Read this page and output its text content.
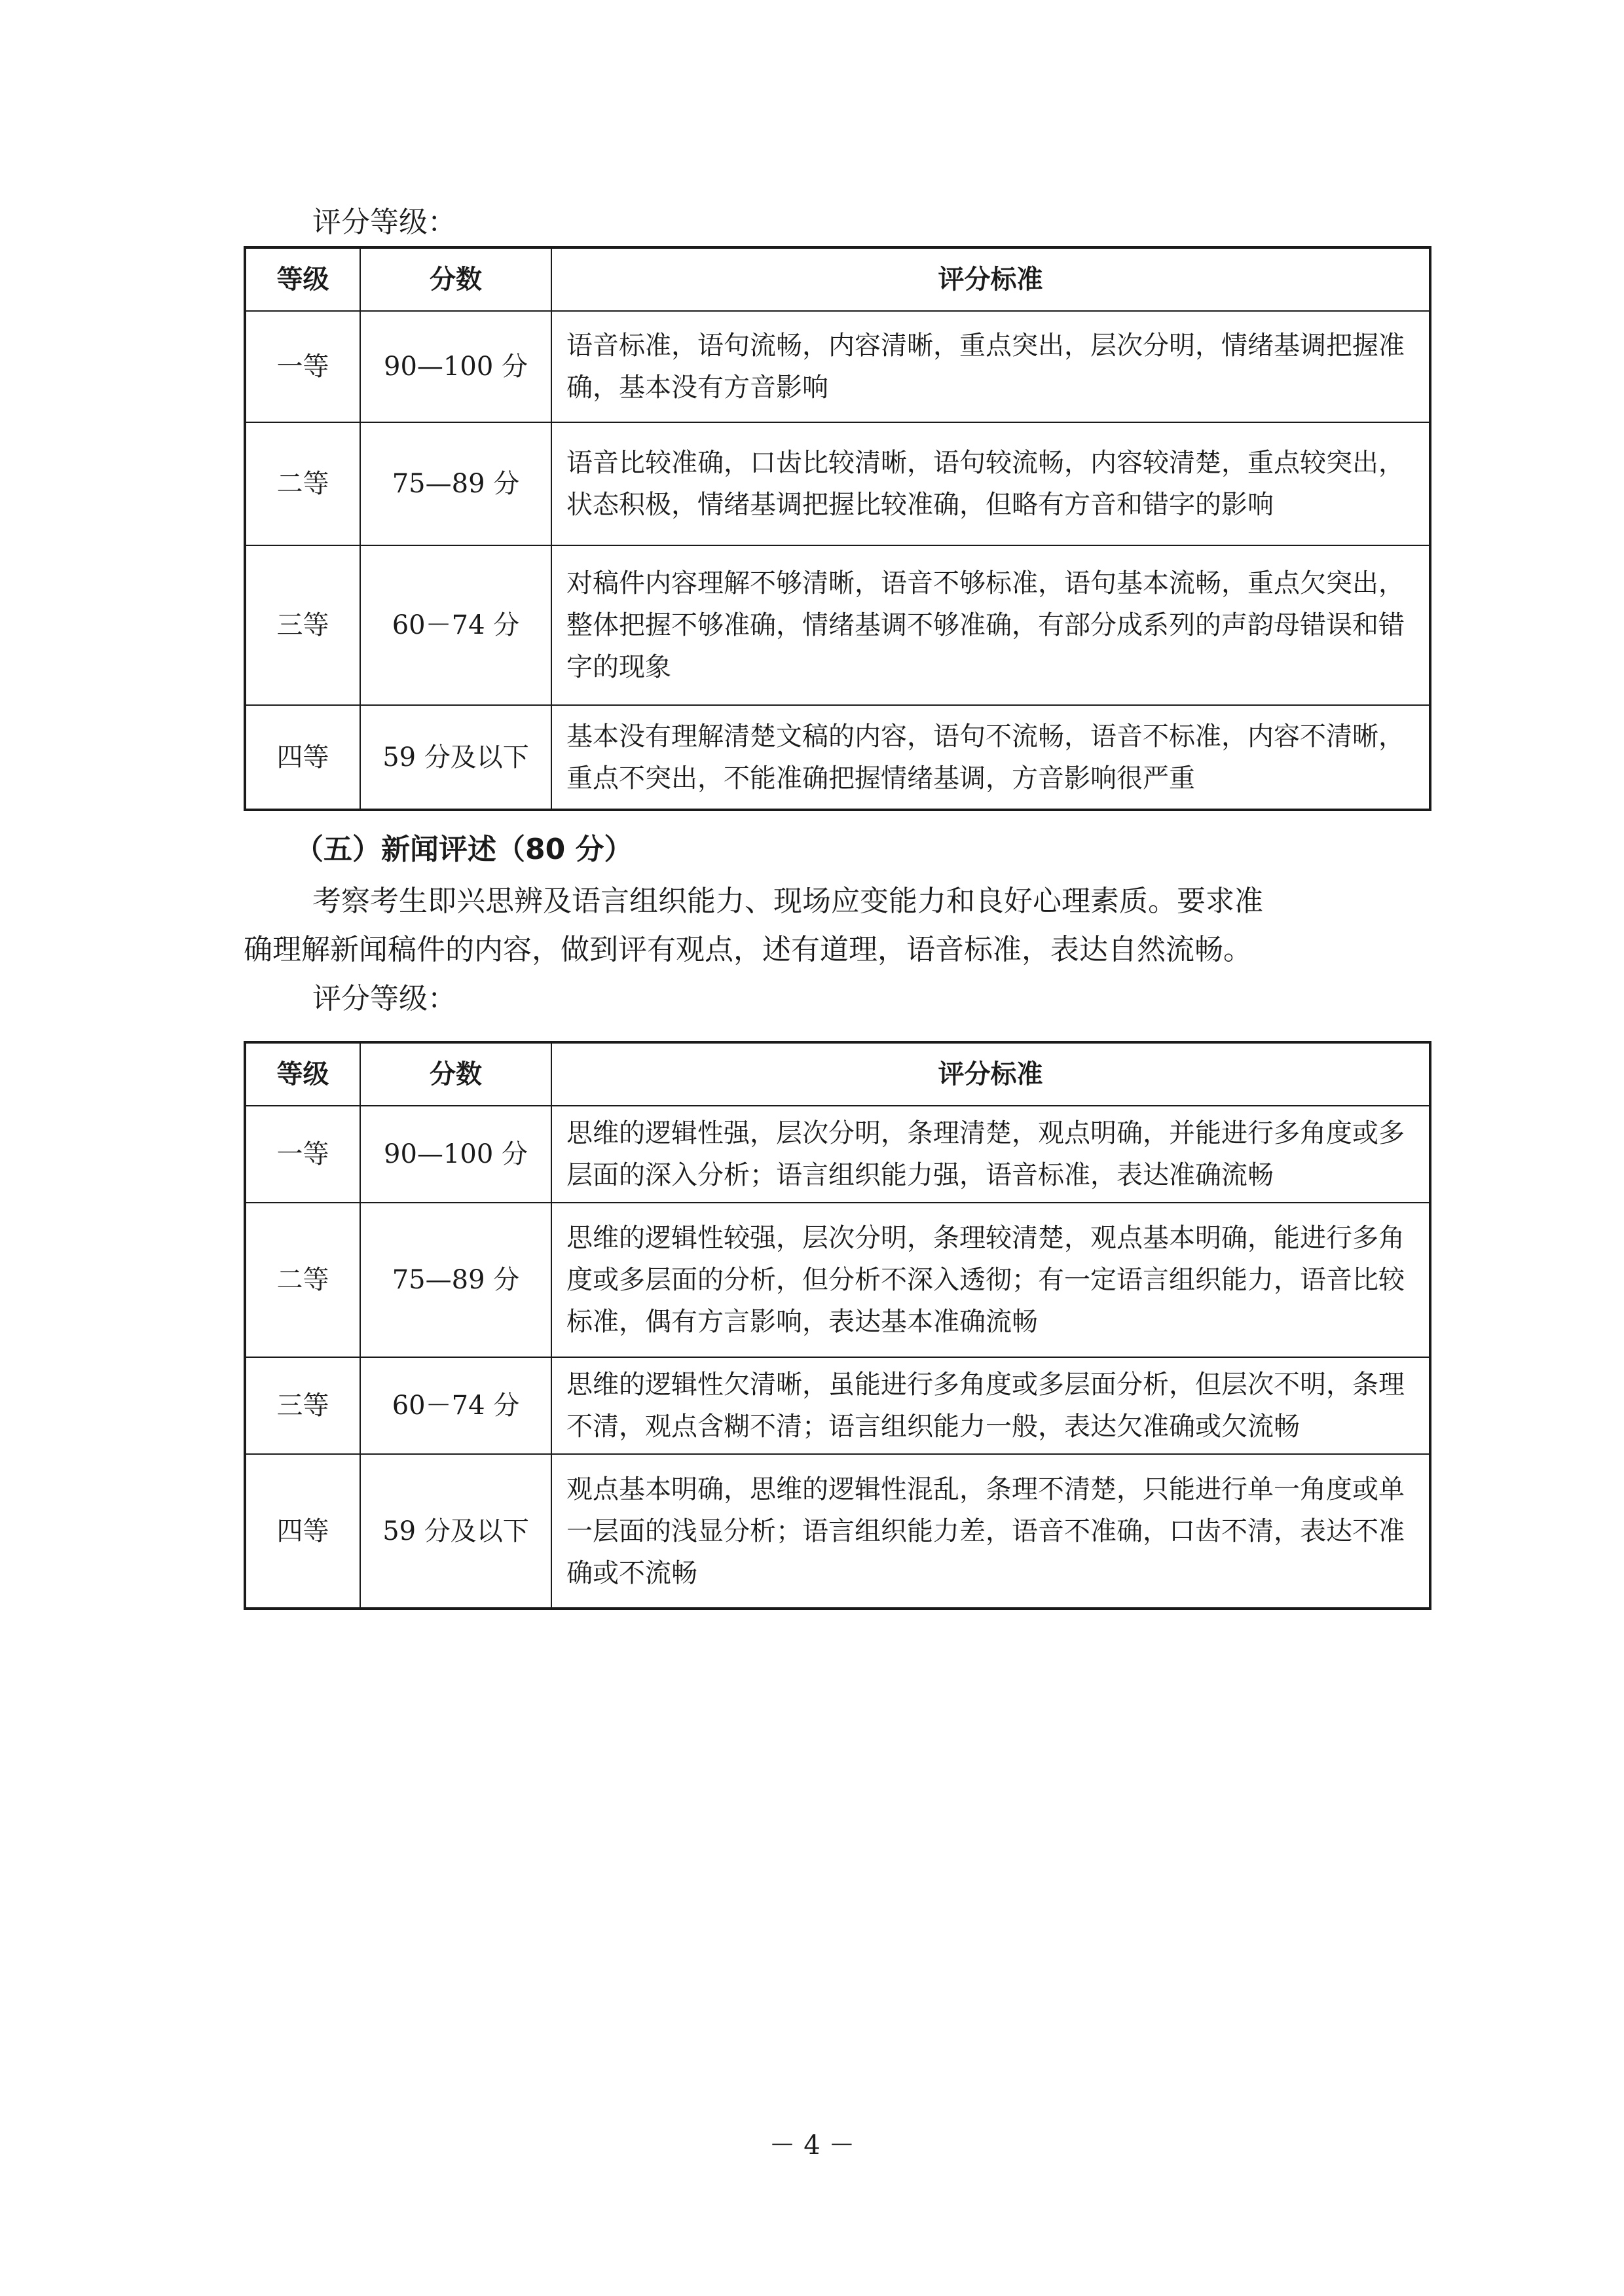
评分等级：
等级	分数	评分标准
一等	90—100 分	语音标准，语句流畅，内容清晰，重点突出，层次分明，情绪基调把握准确，基本没有方音影响
二等	75—89 分	语音比较准确，口齿比较清晰，语句较流畅，内容较清楚，重点较突出，状态积极，情绪基调把握比较准确，但略有方音和错字的影响
三等	60－74 分	对稿件内容理解不够清晰，语音不够标准，语句基本流畅，重点欠突出，整体把握不够准确，情绪基调不够准确，有部分成系列的声韵母错误和错字的现象
四等	59 分及以下	基本没有理解清楚文稿的内容，语句不流畅，语音不标准，内容不清晰，重点不突出，不能准确把握情绪基调，方音影响很严重
（五）新闻评述（80 分）
考察考生即兴思辨及语言组织能力、现场应变能力和良好心理素质。要求准
确理解新闻稿件的内容，做到评有观点，述有道理，语音标准，表达自然流畅。
评分等级：
等级	分数	评分标准
一等	90—100 分	思维的逻辑性强，层次分明，条理清楚，观点明确，并能进行多角度或多层面的深入分析；语言组织能力强，语音标准，表达准确流畅
二等	75—89 分	思维的逻辑性较强，层次分明，条理较清楚，观点基本明确，能进行多角度或多层面的分析，但分析不深入透彻；有一定语言组织能力，语音比较标准，偶有方言影响，表达基本准确流畅
三等	60－74 分	思维的逻辑性欠清晰，虽能进行多角度或多层面分析，但层次不明，条理不清，观点含糊不清；语言组织能力一般，表达欠准确或欠流畅
四等	59 分及以下	观点基本明确，思维的逻辑性混乱，条理不清楚，只能进行单一角度或单一层面的浅显分析；语言组织能力差，语音不准确，口齿不清，表达不准确或不流畅
－ 4 －
